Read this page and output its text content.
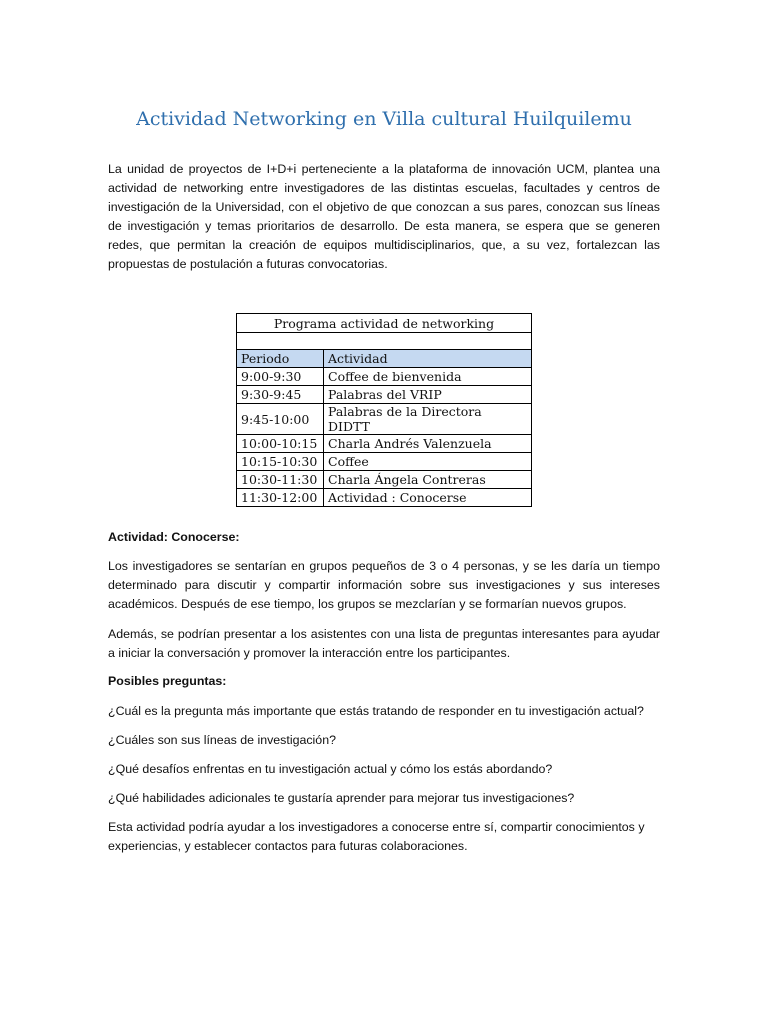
Actividad Networking en Villa cultural Huilquilemu
La unidad de proyectos de I+D+i perteneciente a la plataforma de innovación UCM, plantea una actividad de networking entre investigadores de las distintas escuelas, facultades y centros de investigación de la Universidad, con el objetivo de que conozcan a sus pares, conozcan sus líneas de investigación y temas prioritarios de desarrollo. De esta manera, se espera que se generen redes, que permitan la creación de equipos multidisciplinarios, que, a su vez, fortalezcan las propuestas de postulación a futuras convocatorias.
Programa actividad de networking	

Periodo	Actividad
9:00-9:30	Coffee de bienvenida
9:30-9:45	Palabras del VRIP
9:45-10:00	Palabras de la Directora DIDTT
10:00-10:15	Charla Andrés Valenzuela
10:15-10:30	Coffee
10:30-11:30	Charla Ángela Contreras
11:30-12:00	Actividad : Conocerse
Actividad: Conocerse:
Los investigadores se sentarían en grupos pequeños de 3 o 4 personas, y se les daría un tiempo determinado para discutir y compartir información sobre sus investigaciones y sus intereses académicos. Después de ese tiempo, los grupos se mezclarían y se formarían nuevos grupos.
Además, se podrían presentar a los asistentes con una lista de preguntas interesantes para ayudar a iniciar la conversación y promover la interacción entre los participantes.
Posibles preguntas:
¿Cuál es la pregunta más importante que estás tratando de responder en tu investigación actual?
¿Cuáles son sus líneas de investigación?
¿Qué desafíos enfrentas en tu investigación actual y cómo los estás abordando?
¿Qué habilidades adicionales te gustaría aprender para mejorar tus investigaciones?
Esta actividad podría ayudar a los investigadores a conocerse entre sí, compartir conocimientos y experiencias, y establecer contactos para futuras colaboraciones.
